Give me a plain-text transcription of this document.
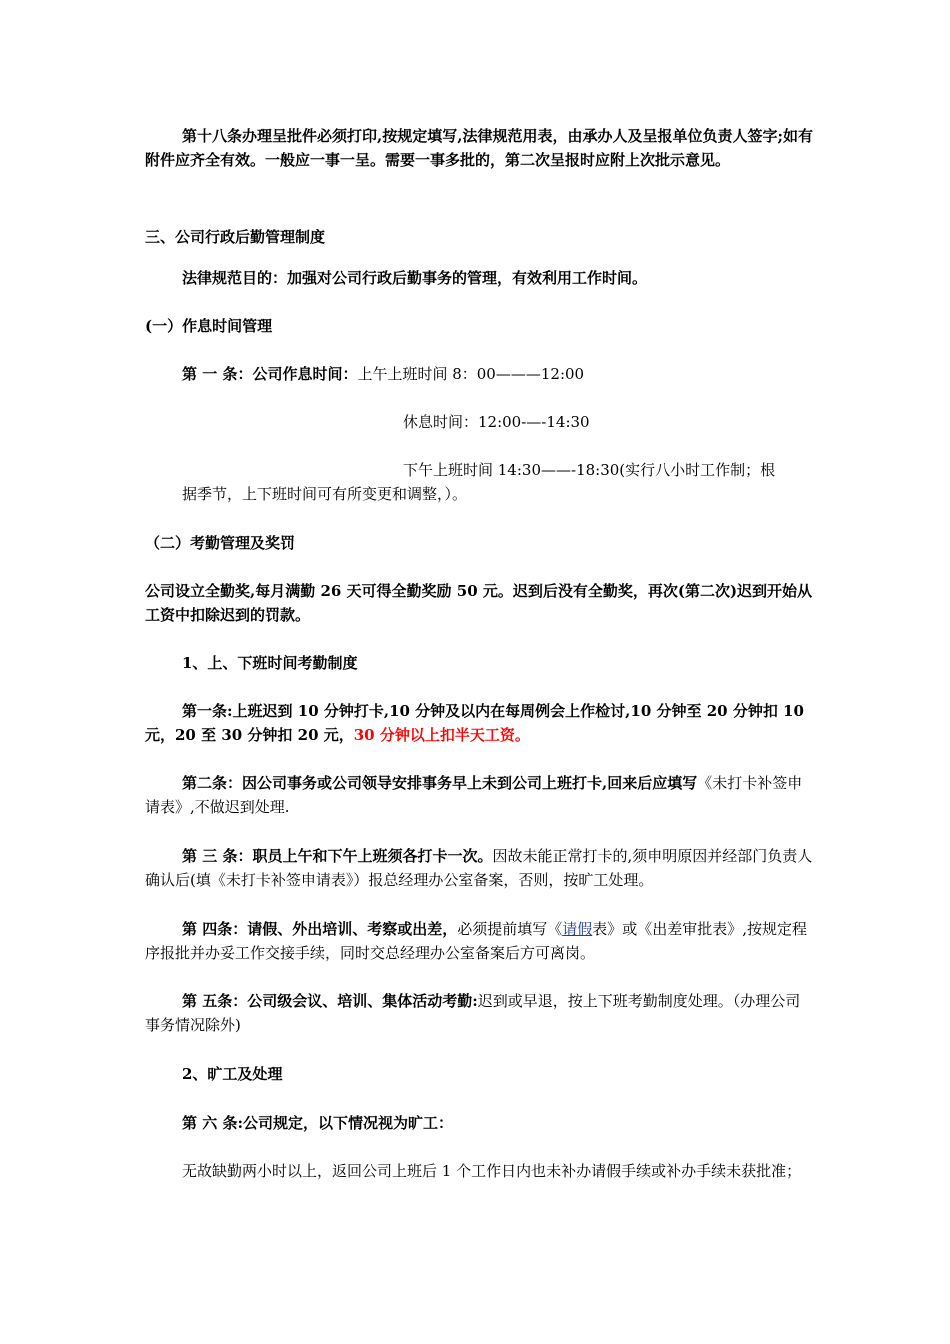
第十八条办理呈批件必须打印,按规定填写,法律规范用表，由承办人及呈报单位负责人签字;如有附件应齐全有效。一般应一事一呈。需要一事多批的，第二次呈报时应附上次批示意见。

三、公司行政后勤管理制度

法律规范目的：加强对公司行政后勤事务的管理，有效利用工作时间。

(一）作息时间管理

第 一 条：公司作息时间：上午上班时间 8：00———12:00

休息时间：12:00-—-14:30

下午上班时间 14:30——-18:30(实行八小时工作制；根

据季节，上下班时间可有所变更和调整，）。

（二）考勤管理及奖罚

公司设立全勤奖,每月满勤 26 天可得全勤奖励 50 元。迟到后没有全勤奖，再次(第二次)迟到开始从工资中扣除迟到的罚款。

1、上、下班时间考勤制度

第一条:上班迟到 10 分钟打卡,10 分钟及以内在每周例会上作检讨,10 分钟至 20 分钟扣 10 元，20 至 30 分钟扣 20 元，30 分钟以上扣半天工资。

第二条：因公司事务或公司领导安排事务早上未到公司上班打卡,回来后应填写《未打卡补签申请表》,不做迟到处理.

第 三 条：职员上午和下午上班须各打卡一次。因故未能正常打卡的,须申明原因并经部门负责人确认后(填《未打卡补签申请表》）报总经理办公室备案，否则，按旷工处理。

第 四条：请假、外出培训、考察或出差，必须提前填写《请假表》或《出差审批表》,按规定程序报批并办妥工作交接手续，同时交总经理办公室备案后方可离岗。

第 五条：公司级会议、培训、集体活动考勤:迟到或早退，按上下班考勤制度处理。（办理公司事务情况除外)

2、旷工及处理

第 六 条:公司规定，以下情况视为旷工：

无故缺勤两小时以上，返回公司上班后 1 个工作日内也未补办请假手续或补办手续未获批准；
